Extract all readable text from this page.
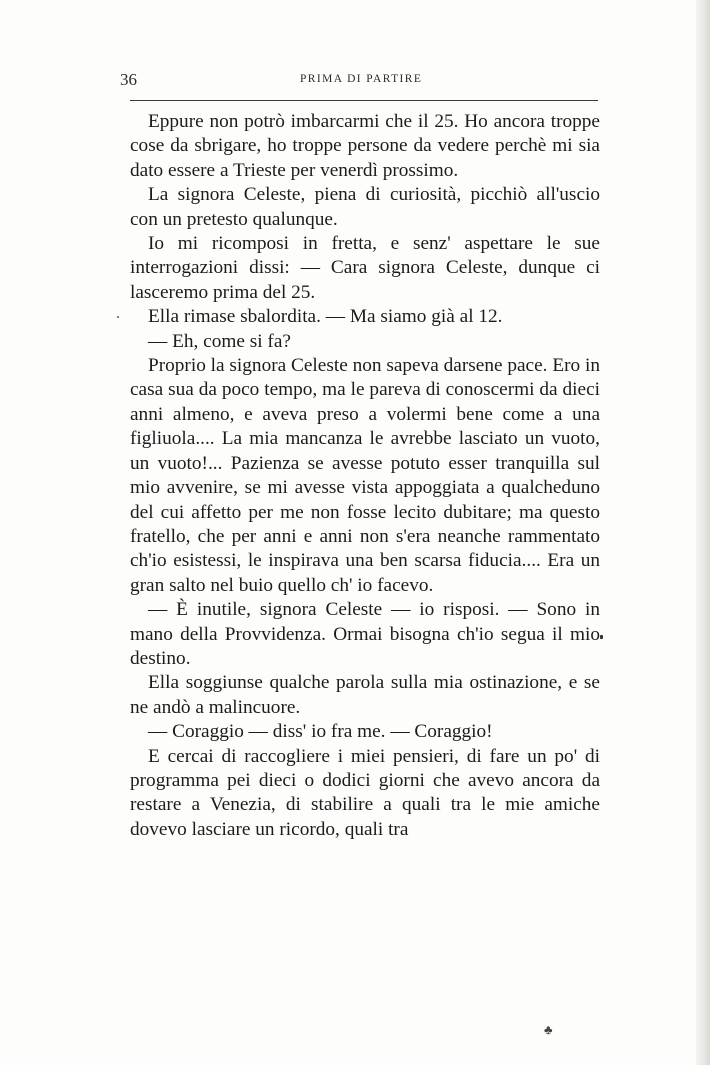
36	PRIMA DI PARTIRE

Eppure non potrò imbarcarmi che il 25. Ho ancora troppe cose da sbrigare, ho troppe persone da vedere perchè mi sia dato essere a Trieste per venerdì prossimo.

La signora Celeste, piena di curiosità, picchiò all'uscio con un pretesto qualunque.

Io mi ricomposi in fretta, e senz' aspettare le sue interrogazioni dissi: — Cara signora Celeste, dunque ci lasceremo prima del 25.

Ella rimase sbalordita. — Ma siamo già al 12.

— Eh, come si fa?

Proprio la signora Celeste non sapeva darsene pace. Ero in casa sua da poco tempo, ma le pareva di conoscermi da dieci anni almeno, e aveva preso a volermi bene come a una figliuola.... La mia mancanza le avrebbe lasciato un vuoto, un vuoto!... Pazienza se avesse potuto esser tranquilla sul mio avvenire, se mi avesse vista appoggiata a qualcheduno del cui affetto per me non fosse lecito dubitare; ma questo fratello, che per anni e anni non s'era neanche rammentato ch'io esistessi, le inspirava una ben scarsa fiducia.... Era un gran salto nel buio quello ch' io facevo.

— È inutile, signora Celeste — io risposi. — Sono in mano della Provvidenza. Ormai bisogna ch'io segua il mio destino.

Ella soggiunse qualche parola sulla mia ostinazione, e se ne andò a malincuore.

— Coraggio — diss' io fra me. — Coraggio!

E cercai di raccogliere i miei pensieri, di fare un po' di programma pei dieci o dodici giorni che avevo ancora da restare a Venezia, di stabilire a quali tra le mie amiche dovevo lasciare un ricordo, quali tra

♣
